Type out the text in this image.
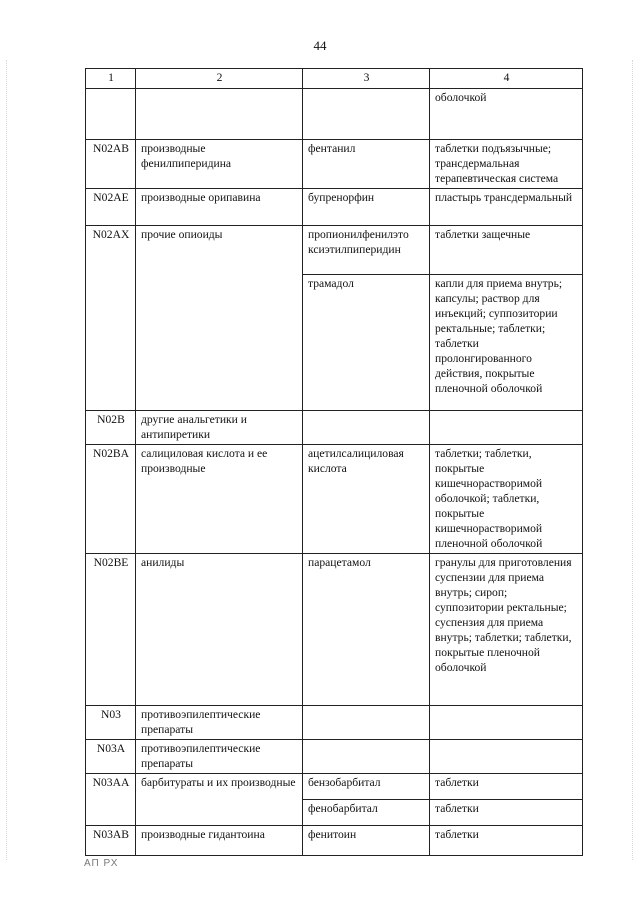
44
1	2	3	4
			оболочкой
N02AB	производные фенилпиперидина	фентанил	таблетки подъязычные; трансдермальная терапевтическая система
N02AE	производные орипавина	бупренорфин	пластырь трансдермальный
N02AX	прочие опиоиды	пропионилфенилэто ксиэтилпиперидин	таблетки защечные
		трамадол	капли для приема внутрь; капсулы; раствор для инъекций; суппозитории ректальные; таблетки; таблетки пролонгированного действия, покрытые пленочной оболочкой
N02B	другие анальгетики и антипиретики		
N02BA	салициловая кислота и ее производные	ацетилсалициловая кислота	таблетки; таблетки, покрытые кишечнорастворимой оболочкой; таблетки, покрытые кишечнорастворимой пленочной оболочкой
N02BE	анилиды	парацетамол	гранулы для приготовления суспензии для приема внутрь; сироп; суппозитории ректальные; суспензия для приема внутрь; таблетки; таблетки, покрытые пленочной оболочкой
N03	противоэпилептические препараты		
N03A	противоэпилептические препараты		
N03AA	барбитураты и их производные	бензобарбитал	таблетки
		фенобарбитал	таблетки
N03AB	производные гидантоина	фенитоин	таблетки
АП РХ
